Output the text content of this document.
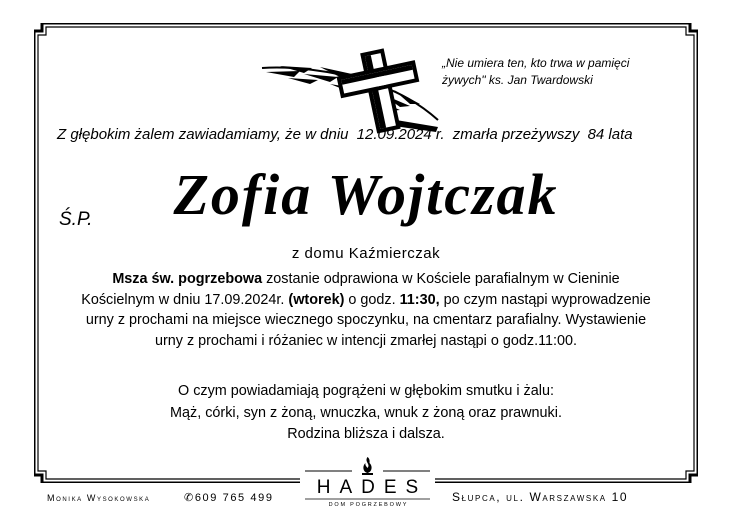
„Nie umiera ten, kto trwa w pamięci
żywych" ks. Jan Twardowski
Z głębokim żalem zawiadamiamy, że w dniu 12.09.2024 r. zmarła przeżywszy 84 lata
Ś.P.	Zofia Wojtczak
z domu Kaźmierczak
Msza św. pogrzebowa zostanie odprawiona w Kościele parafialnym w Cieninie Kościelnym w dniu 17.09.2024r. (wtorek) o godz. 11:30, po czym nastąpi wyprowadzenie urny z prochami na miejsce wiecznego spoczynku, na cmentarz parafialny. Wystawienie urny z prochami i różaniec w intencji zmarłej nastąpi o godz.11:00.
O czym powiadamiają pogrążeni w głębokim smutku i żalu:
Mąż, córki, syn z żoną, wnuczka, wnuk z żoną oraz prawnuki.
Rodzina bliższa i dalsza.
Monika Wysokowska	✆609 765 499	Słupca, ul. Warszawska 10
HADES
DOM POGRZEBOWY
